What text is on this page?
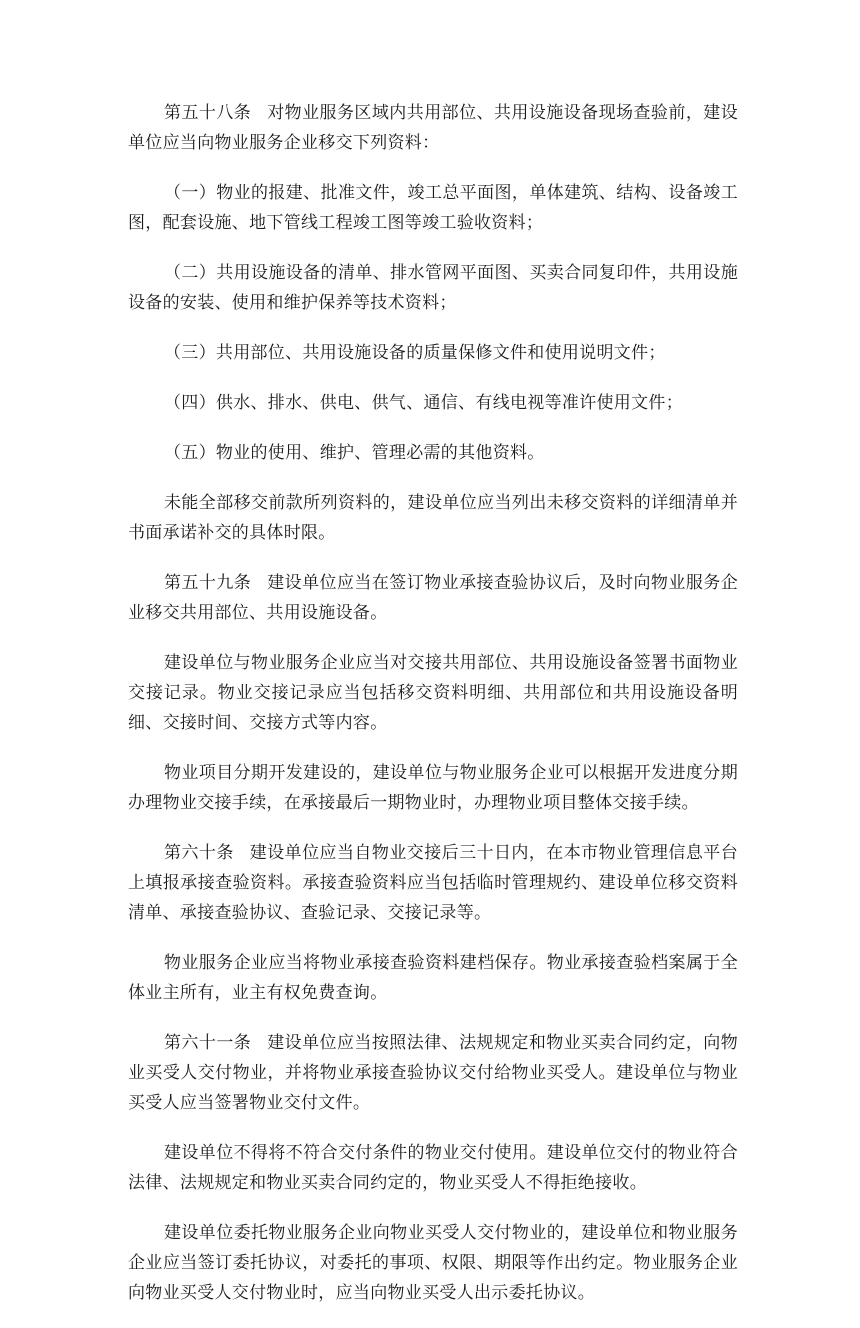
第五十八条 对物业服务区域内共用部位、共用设施设备现场查验前，建设单位应当向物业服务企业移交下列资料：

（一）物业的报建、批准文件，竣工总平面图，单体建筑、结构、设备竣工图，配套设施、地下管线工程竣工图等竣工验收资料；

（二）共用设施设备的清单、排水管网平面图、买卖合同复印件，共用设施设备的安装、使用和维护保养等技术资料；

（三）共用部位、共用设施设备的质量保修文件和使用说明文件；

（四）供水、排水、供电、供气、通信、有线电视等准许使用文件；

（五）物业的使用、维护、管理必需的其他资料。

未能全部移交前款所列资料的，建设单位应当列出未移交资料的详细清单并书面承诺补交的具体时限。

第五十九条 建设单位应当在签订物业承接查验协议后，及时向物业服务企业移交共用部位、共用设施设备。

建设单位与物业服务企业应当对交接共用部位、共用设施设备签署书面物业交接记录。物业交接记录应当包括移交资料明细、共用部位和共用设施设备明细、交接时间、交接方式等内容。

物业项目分期开发建设的，建设单位与物业服务企业可以根据开发进度分期办理物业交接手续，在承接最后一期物业时，办理物业项目整体交接手续。

第六十条 建设单位应当自物业交接后三十日内，在本市物业管理信息平台上填报承接查验资料。承接查验资料应当包括临时管理规约、建设单位移交资料清单、承接查验协议、查验记录、交接记录等。

物业服务企业应当将物业承接查验资料建档保存。物业承接查验档案属于全体业主所有，业主有权免费查询。

第六十一条 建设单位应当按照法律、法规规定和物业买卖合同约定，向物业买受人交付物业，并将物业承接查验协议交付给物业买受人。建设单位与物业买受人应当签署物业交付文件。

建设单位不得将不符合交付条件的物业交付使用。建设单位交付的物业符合法律、法规规定和物业买卖合同约定的，物业买受人不得拒绝接收。

建设单位委托物业服务企业向物业买受人交付物业的，建设单位和物业服务企业应当签订委托协议，对委托的事项、权限、期限等作出约定。物业服务企业向物业买受人交付物业时，应当向物业买受人出示委托协议。
